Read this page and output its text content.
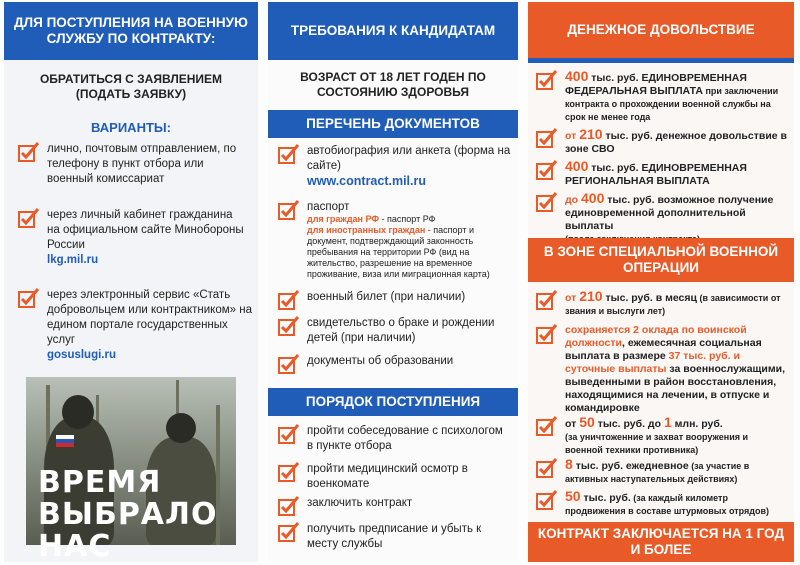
ДЛЯ ПОСТУПЛЕНИЯ НА ВОЕННУЮ СЛУЖБУ ПО КОНТРАКТУ:
ОБРАТИТЬСЯ С ЗАЯВЛЕНИЕМ (ПОДАТЬ ЗАЯВКУ)
ВАРИАНТЫ:
лично, почтовым отправлением, по телефону в пункт отбора или военный комиссариат
через личный кабинет гражданина на официальном сайте Минобороны России
lkg.mil.ru
через электронный сервис «Стать добровольцем или контрактником» на едином портале государственных услуг
gosuslugi.ru
ВРЕМЯ
ВЫБРАЛО НАС
ТРЕБОВАНИЯ К КАНДИДАТАМ
ВОЗРАСТ ОТ 18 ЛЕТ ГОДЕН ПО СОСТОЯНИЮ ЗДОРОВЬЯ
ПЕРЕЧЕНЬ ДОКУМЕНТОВ
автобиография или анкета (форма на сайте)
www.contract.mil.ru
паспорт
для граждан РФ - паспорт РФ
для иностранных граждан - паспорт и документ, подтверждающий законность пребывания на территории РФ (вид на жительство, разрешение на временное проживание, виза или миграционная карта)
военный билет (при наличии)
свидетельство о браке и рождении детей (при наличии)
документы об образовании
ПОРЯДОК ПОСТУПЛЕНИЯ
пройти собеседование с психологом в пункте отбора
пройти медицинский осмотр в военкомате
заключить контракт
получить предписание и убыть к месту службы
ДЕНЕЖНОЕ ДОВОЛЬСТВИЕ
400 тыс. руб. ЕДИНОВРЕМЕННАЯ ФЕДЕРАЛЬНАЯ ВЫПЛАТА при заключении контракта о прохождении военной службы на срок не менее года
от 210 тыс. руб. денежное довольствие в зоне СВО
400 тыс. руб. ЕДИНОВРЕМЕННАЯ РЕГИОНАЛЬНАЯ ВЫПЛАТА
до 400 тыс. руб. возможное получение единовременной дополнительной выплаты

В ЗОНЕ СПЕЦИАЛЬНОЙ ВОЕННОЙ ОПЕРАЦИИ
от 210 тыс. руб. в месяц (в зависимости от звания и выслуги лет)
сохраняется 2 оклада по воинской должности, ежемесячная социальная выплата в размере 37 тыс. руб. и суточные выплаты за военнослужащими, выведенными в район восстановления, находящимися на лечении, в отпуске и командировке
от 50 тыс. руб. до 1 млн. руб.
(за уничтоженние и захват вооружения и военной техники противника)
8 тыс. руб. ежедневное (за участие в активных наступательных действиях)
50 тыс. руб. (за каждый километр продвижения в составе штурмовых отрядов)
КОНТРАКТ ЗАКЛЮЧАЕТСЯ НА 1 ГОД И БОЛЕЕ
